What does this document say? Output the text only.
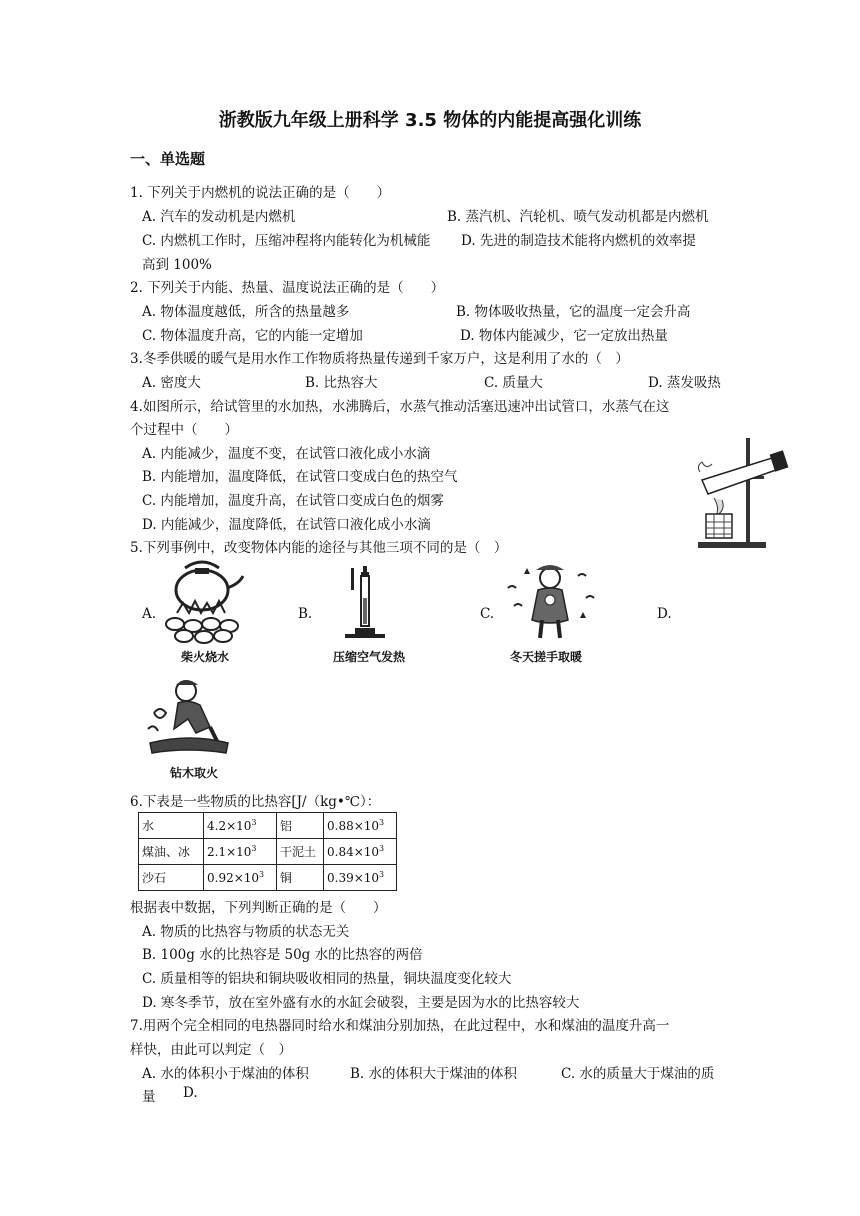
浙教版九年级上册科学 3.5 物体的内能提高强化训练
一、单选题
1. 下列关于内燃机的说法正确的是（　　）
A. 汽车的发动机是内燃机	B. 蒸汽机、汽轮机、喷气发动机都是内燃机
C. 内燃机工作时，压缩冲程将内能转化为机械能 D. 先进的制造技术能将内燃机的效率提
高到 100%
2. 下列关于内能、热量、温度说法正确的是（　　）
A. 物体温度越低，所含的热量越多	B. 物体吸收热量，它的温度一定会升高
C. 物体温度升高，它的内能一定增加	D. 物体内能减少，它一定放出热量
3.冬季供暖的暖气是用水作工作物质将热量传递到千家万户，这是利用了水的（　）
A. 密度大	B. 比热容大	C. 质量大	D. 蒸发吸热
4.如图所示，给试管里的水加热，水沸腾后，水蒸气推动活塞迅速冲出试管口，水蒸气在这
个过程中（　　）
A. 内能减少，温度不变，在试管口液化成小水滴
B. 内能增加，温度降低，在试管口变成白色的热空气
C. 内能增加，温度升高，在试管口变成白色的烟雾
D. 内能减少，温度降低，在试管口液化成小水滴
5.下列事例中，改变物体内能的途径与其他三项不同的是（　）
A.	B.	C.	D.
柴火烧水	压缩空气发热	冬天搓手取暖
钻木取火
6.下表是一些物质的比热容[J/（kg•℃）：
水	$4.2\times 10^3$	铝	$0.88\times 10^3$
煤油、冰	$2.1\times 10^3$	干泥土	$0.84\times 10^3$
沙石	$0.92\times 10^3$	铜	$0.39\times 10^3$
根据表中数据，下列判断正确的是（　　）
A. 物质的比热容与物质的状态无关
B. 100g 水的比热容是 50g 水的比热容的两倍
C. 质量相等的铝块和铜块吸收相同的热量，铜块温度变化较大
D. 寒冬季节，放在室外盛有水的水缸会破裂，主要是因为水的比热容较大
7.用两个完全相同的电热器同时给水和煤油分别加热，在此过程中，水和煤油的温度升高一
样快，由此可以判定（　）
A. 水的体积小于煤油的体积	B. 水的体积大于煤油的体积	C. 水的质量大于煤油的质
量 D.
